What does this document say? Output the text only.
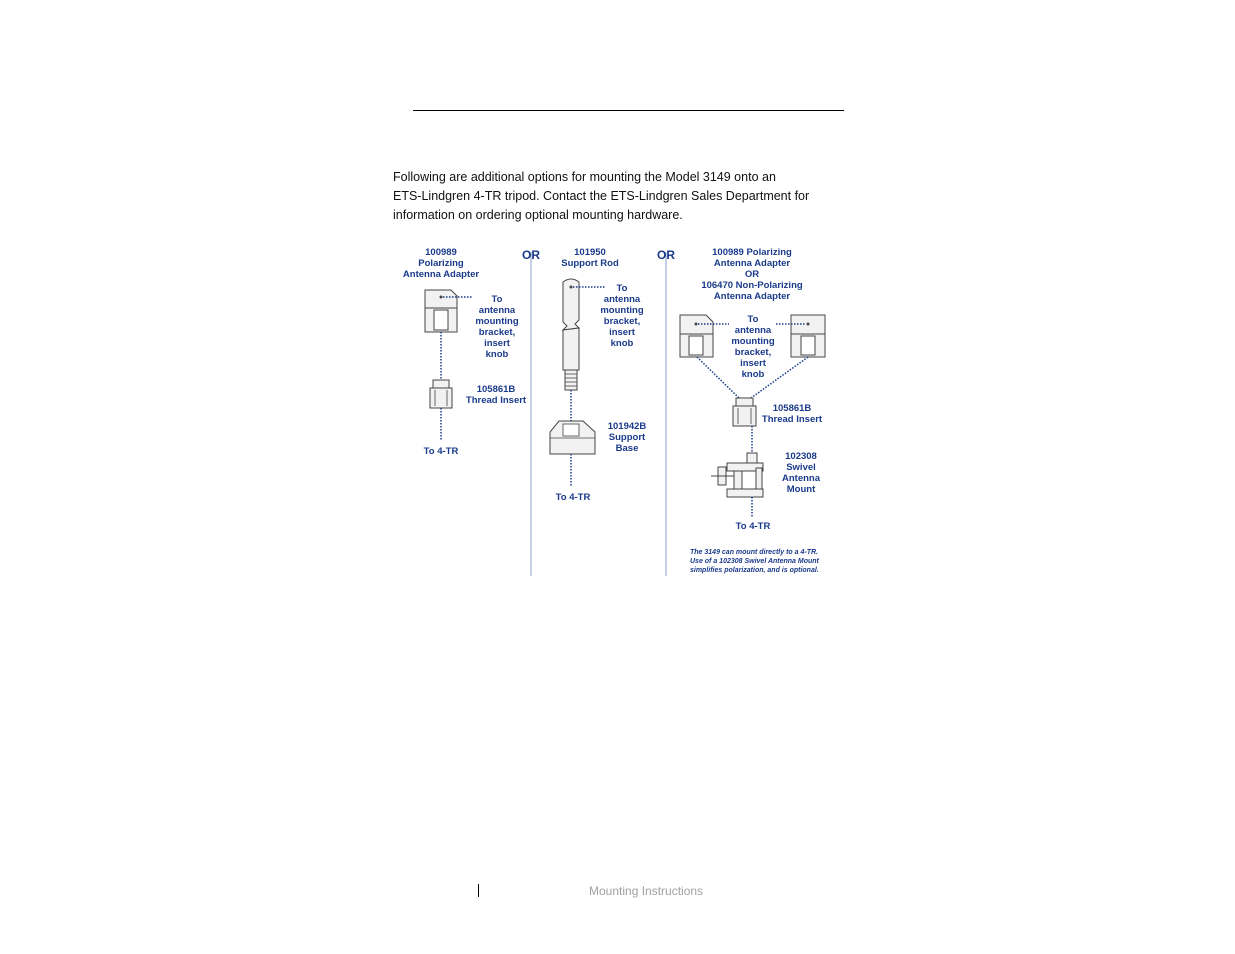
Following are additional options for mounting the Model 3149 onto an
ETS-Lindgren 4-TR tripod. Contact the ETS-Lindgren Sales Department for
information on ordering optional mounting hardware.
OR	OR
100989
Polarizing
Antenna Adapter
To
antenna
mounting
bracket,
insert
knob
105861B
Thread Insert
To 4-TR
101950
Support Rod
To
antenna
mounting
bracket,
insert
knob
101942B
Support
Base
To 4-TR
100989 Polarizing
Antenna Adapter
OR
106470 Non-Polarizing
Antenna Adapter
To
antenna
mounting
bracket,
insert
knob
105861B
Thread Insert
102308
Swivel
Antenna
Mount
To 4-TR
The 3149 can mount directly to a 4-TR.
Use of a 102308 Swivel Antenna Mount
simplifies polarization, and is optional.
Mounting Instructions
